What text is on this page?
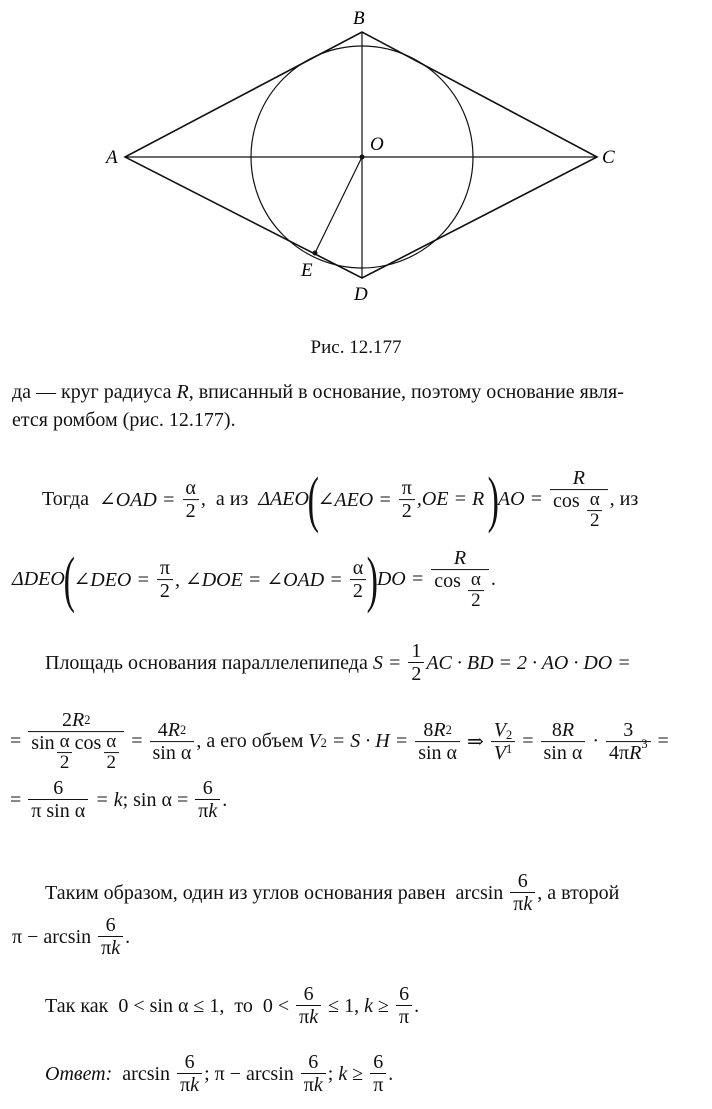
B
A	C
O
D
E
Рис. 12.177
да — круг радиуса R, вписанный в основание, поэтому основание явля-
ется ромбом (рис. 12.177).
Тогда ∠OAD = $\frac{\alpha}{2}$ ,  а из ΔAEO
(
∠AEO = $\frac{\pi}{2} ,OE = R$
)
AO = $\frac{R}{\cos \frac{\alpha}{2}}$ , из
ΔDEO
(
∠DEO = $\frac{\pi}{2}$ , ∠DOE = ∠OAD = $\frac{\alpha}{2}$ )
DO = $\frac{R}{\cos \frac{\alpha}{2}}$ .
Площадь основания параллелепипеда $S = \frac{1}{2}$ AC · BD = 2 · AO · DO =
= $\frac{2 R^2}{\sin \frac{\alpha}{2} \cos \frac{\alpha}{2}} = \frac{4 R^2}{\text{sin α}}$ , а его объем $V_2 = S \cdot H = \frac{8 R^2}{\text{sin α}}$ ⇒ $\frac{V_2}{V_1} = \frac{8 R}{\text{sin α}} \cdot \frac{3}{4\pi R^3}$ =
= $\frac{6}{\text{π sin α}} = k$ ; $\sin \alpha = \frac{6}{\text{π k}}$ .
Таким образом, один из углов основания равен  $\arcsin \frac{6}{\text{π k}}$ , а второй
$\pi - \arcsin \frac{6}{\text{π k}}$ .
Так как  0 < sin α ≤ 1,  то  $0 < \frac{6}{\text{π k}} \le 1$, $k \ge \frac{6}{\pi}$ .
Ответ: $\arcsin \frac{6}{\text{π k}}$ ; $\pi - \arcsin \frac{6}{\text{π k}}$ ; $k \ge \frac{6}{\pi}$ .
